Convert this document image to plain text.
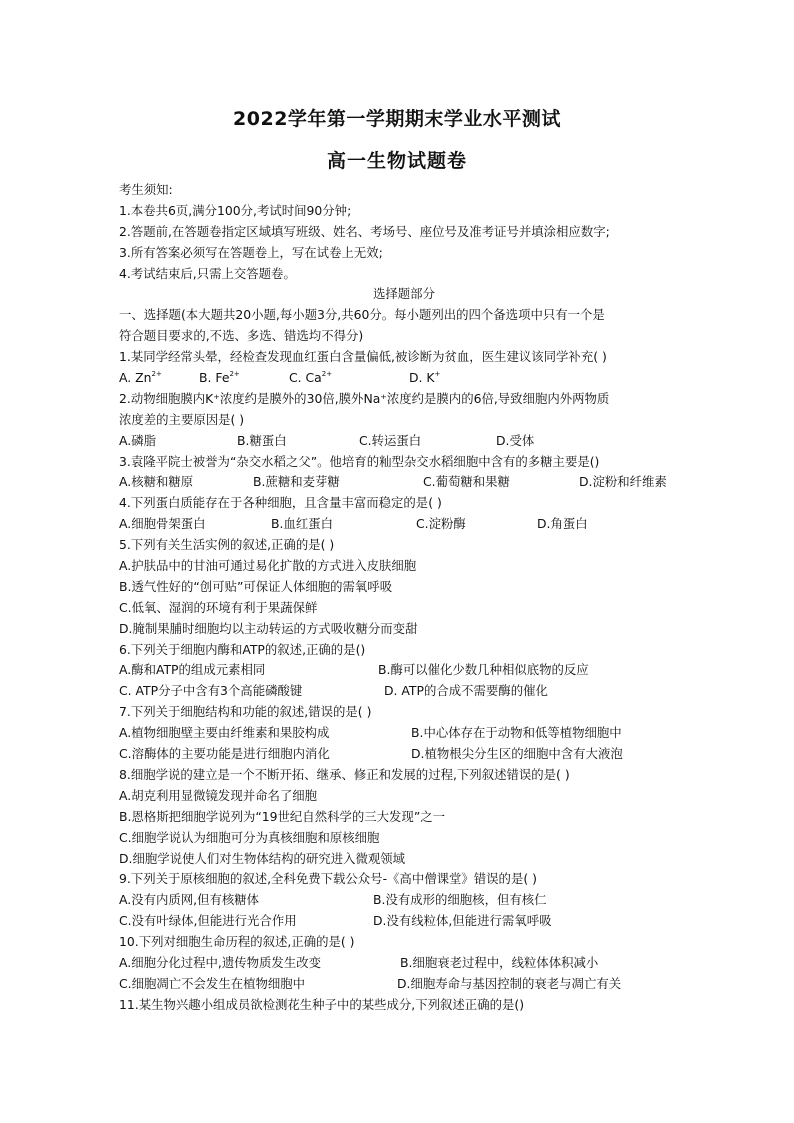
2022学年第一学期期末学业水平测试
高一生物试题卷
考生须知:
1.本卷共6页,满分100分,考试时间90分钟;
2.答题前,在答题卷指定区域填写班级、姓名、考场号、座位号及准考证号并填涂相应数字;
3.所有答案必须写在答题卷上，写在试卷上无效;
4.考试结束后,只需上交答题卷。
选择题部分
一、选择题(本大题共20小题,每小题3分,共60分。每小题列出的四个备选项中只有一个是
符合题目要求的,不选、多选、错选均不得分)
1.某同学经常头晕，经检查发现血红蛋白含量偏低,被诊断为贫血，医生建议该同学补充( )
A. $Zn^{2+}$	B. $Fe^{2+}$	C. $Ca^{2+}$	D. K+
2.动物细胞膜内K⁺浓度约是膜外的30倍,膜外Na⁺浓度约是膜内的6倍,导致细胞内外两物质
浓度差的主要原因是( )
A.磷脂	B.糖蛋白	C.转运蛋白	D.受体
3.袁隆平院士被誉为“杂交水稻之父”。他培育的籼型杂交水稻细胞中含有的多糖主要是()
A.核糖和糖原	B.蔗糖和麦芽糖	C.葡萄糖和果糖	D.淀粉和纤维素
4.下列蛋白质能存在于各种细胞，且含量丰富而稳定的是( )
A.细胞骨架蛋白	B.血红蛋白	C.淀粉酶	D.角蛋白
5.下列有关生活实例的叙述,正确的是( )
A.护肤品中的甘油可通过易化扩散的方式进入皮肤细胞
B.透气性好的“创可贴”可保证人体细胞的需氧呼吸
C.低氧、湿润的环境有利于果蔬保鲜
D.腌制果脯时细胞均以主动转运的方式吸收糖分而变甜
6.下列关于细胞内酶和ATP的叙述,正确的是()
A.酶和ATP的组成元素相同	B.酶可以催化少数几种相似底物的反应
C. ATP分子中含有3个高能磷酸键	D. ATP的合成不需要酶的催化
7.下列关于细胞结构和功能的叙述,错误的是( )
A.植物细胞壁主要由纤维素和果胶构成	B.中心体存在于动物和低等植物细胞中
C.溶酶体的主要功能是进行细胞内消化	D.植物根尖分生区的细胞中含有大液泡
8.细胞学说的建立是一个不断开拓、继承、修正和发展的过程,下列叙述错误的是( )
A.胡克利用显微镜发现并命名了细胞
B.恩格斯把细胞学说列为“19世纪自然科学的三大发现”之一
C.细胞学说认为细胞可分为真核细胞和原核细胞
D.细胞学说使人们对生物体结构的研究进入微观领域
9.下列关于原核细胞的叙述,全科免费下载公众号-《高中僧课堂》错误的是( )
A.没有内质网,但有核糖体	B.没有成形的细胞核，但有核仁
C.没有叶绿体,但能进行光合作用	D.没有线粒体,但能进行需氧呼吸
10.下列对细胞生命历程的叙述,正确的是( )
A.细胞分化过程中,遗传物质发生改变	B.细胞衰老过程中，线粒体体积减小
C.细胞凋亡不会发生在植物细胞中	D.细胞寿命与基因控制的衰老与凋亡有关
11.某生物兴趣小组成员欲检测花生种子中的某些成分,下列叙述正确的是()
